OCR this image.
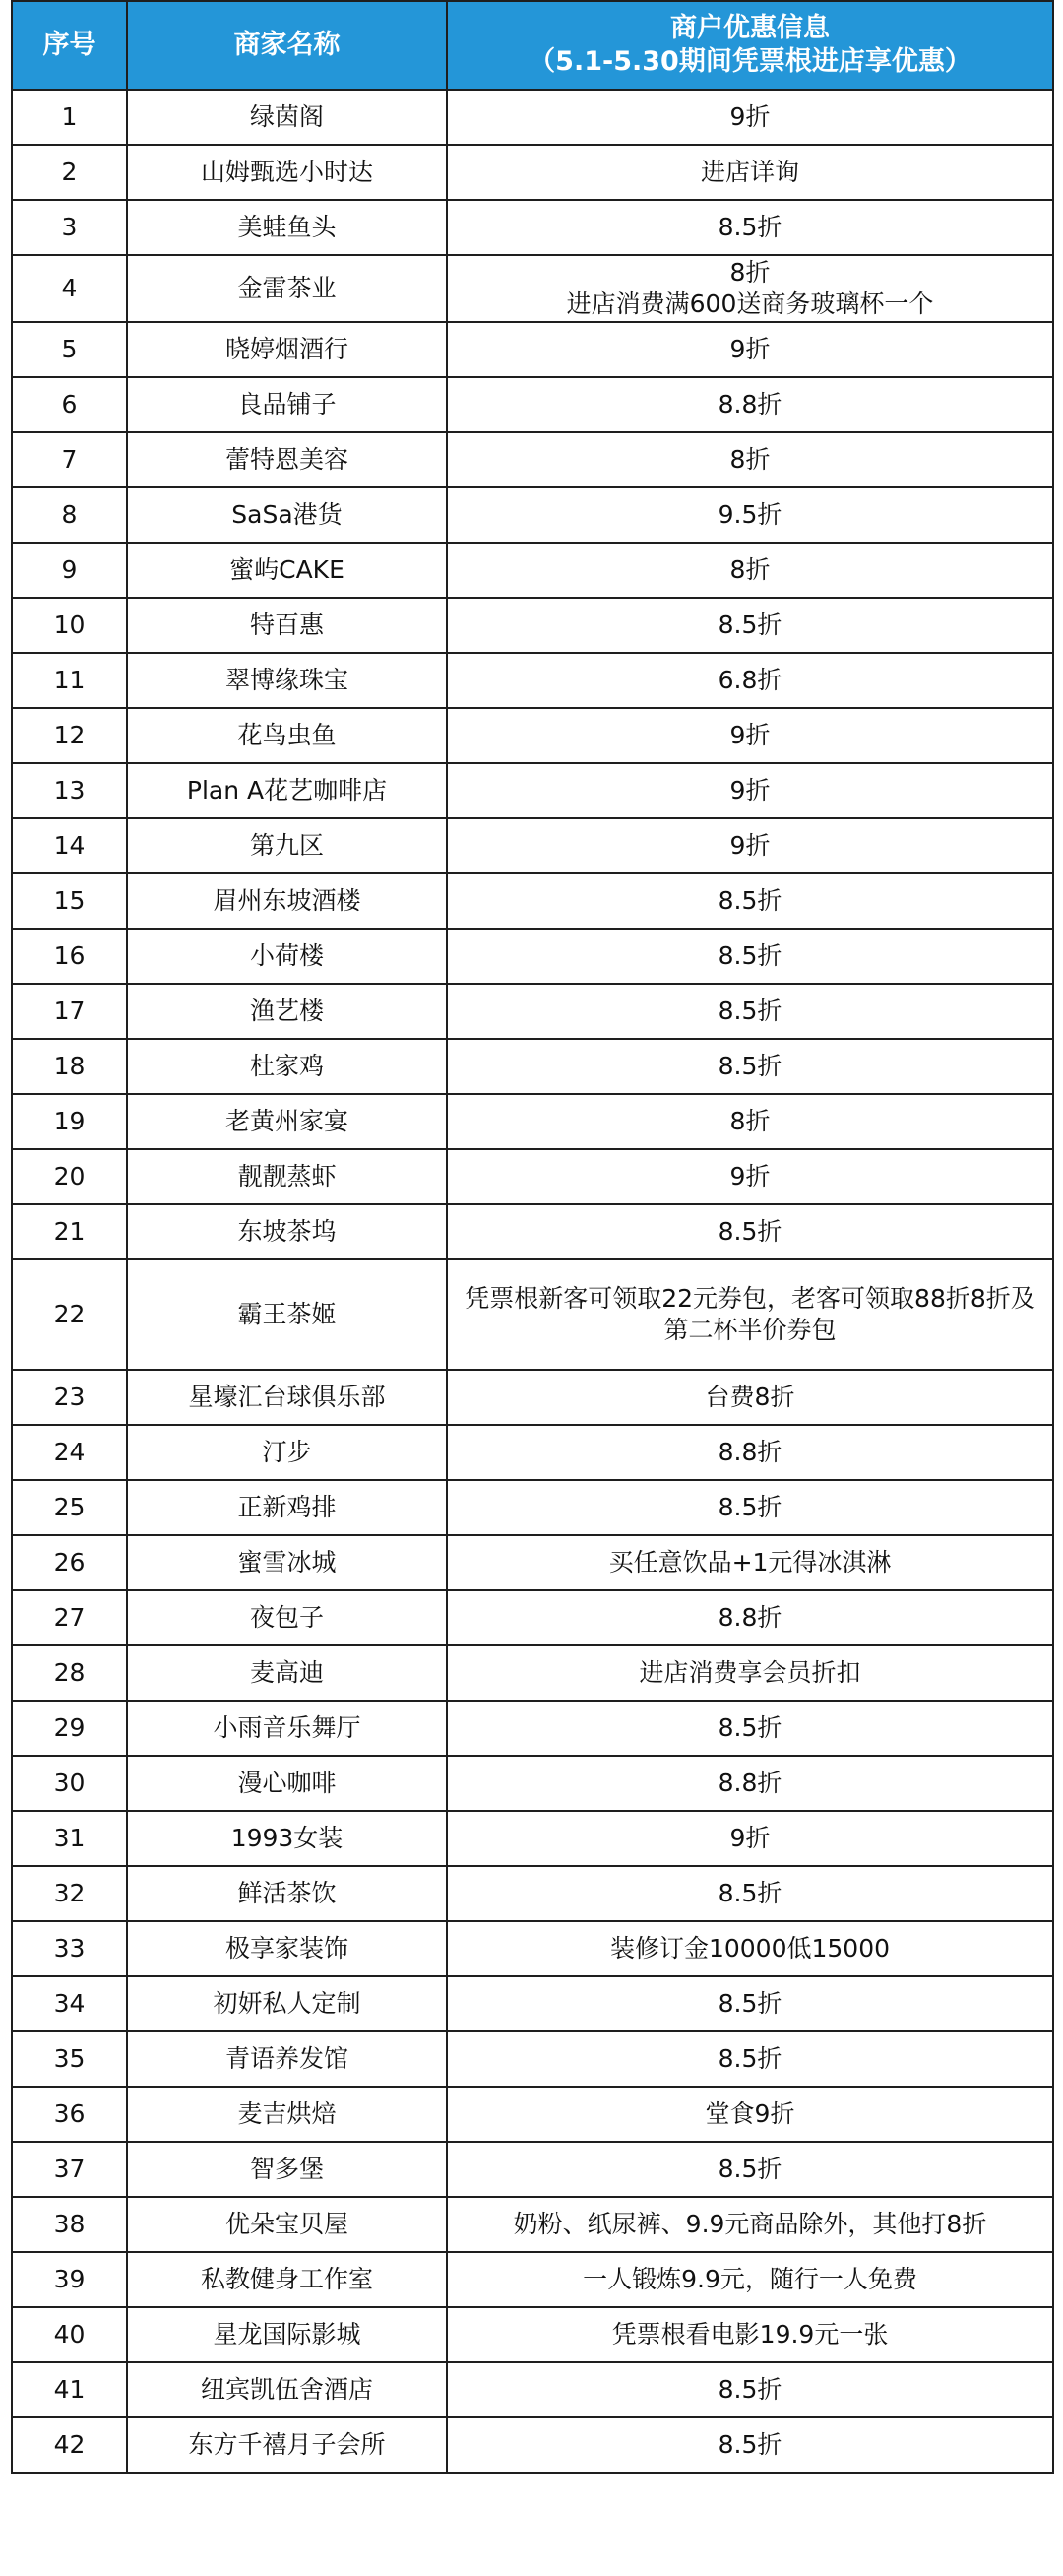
序号	商家名称	商户优惠信息
（5.1-5.30期间凭票根进店享优惠）

1	绿茵阁	9折

2	山姆甄选小时达	进店详询

3	美蛙鱼头	8.5折

4	金雷茶业	8折
进店消费满600送商务玻璃杯一个

5	晓婷烟酒行	9折

6	良品铺子	8.8折

7	蕾特恩美容	8折

8	SaSa港货	9.5折

9	蜜屿CAKE	8折

10	特百惠	8.5折

11	翠博缘珠宝	6.8折

12	花鸟虫鱼	9折

13	Plan A花艺咖啡店	9折

14	第九区	9折

15	眉州东坡酒楼	8.5折

16	小荷楼	8.5折

17	渔艺楼	8.5折

18	杜家鸡	8.5折

19	老黄州家宴	8折

20	靓靓蒸虾	9折

21	东坡茶坞	8.5折

22	霸王茶姬	凭票根新客可领取22元券包，老客可领取88折8折及
第二杯半价券包

23	星壕汇台球俱乐部	台费8折

24	汀步	8.8折

25	正新鸡排	8.5折

26	蜜雪冰城	买任意饮品+1元得冰淇淋

27	夜包子	8.8折

28	麦高迪	进店消费享会员折扣

29	小雨音乐舞厅	8.5折

30	漫心咖啡	8.8折

31	1993女装	9折

32	鲜活茶饮	8.5折

33	极享家装饰	装修订金10000低15000

34	初妍私人定制	8.5折

35	青语养发馆	8.5折

36	麦吉烘焙	堂食9折

37	智多堡	8.5折

38	优朵宝贝屋	奶粉、纸尿裤、9.9元商品除外，其他打8折

39	私教健身工作室	一人锻炼9.9元，随行一人免费

40	星龙国际影城	凭票根看电影19.9元一张

41	纽宾凯伍舍酒店	8.5折

42	东方千禧月子会所	8.5折
